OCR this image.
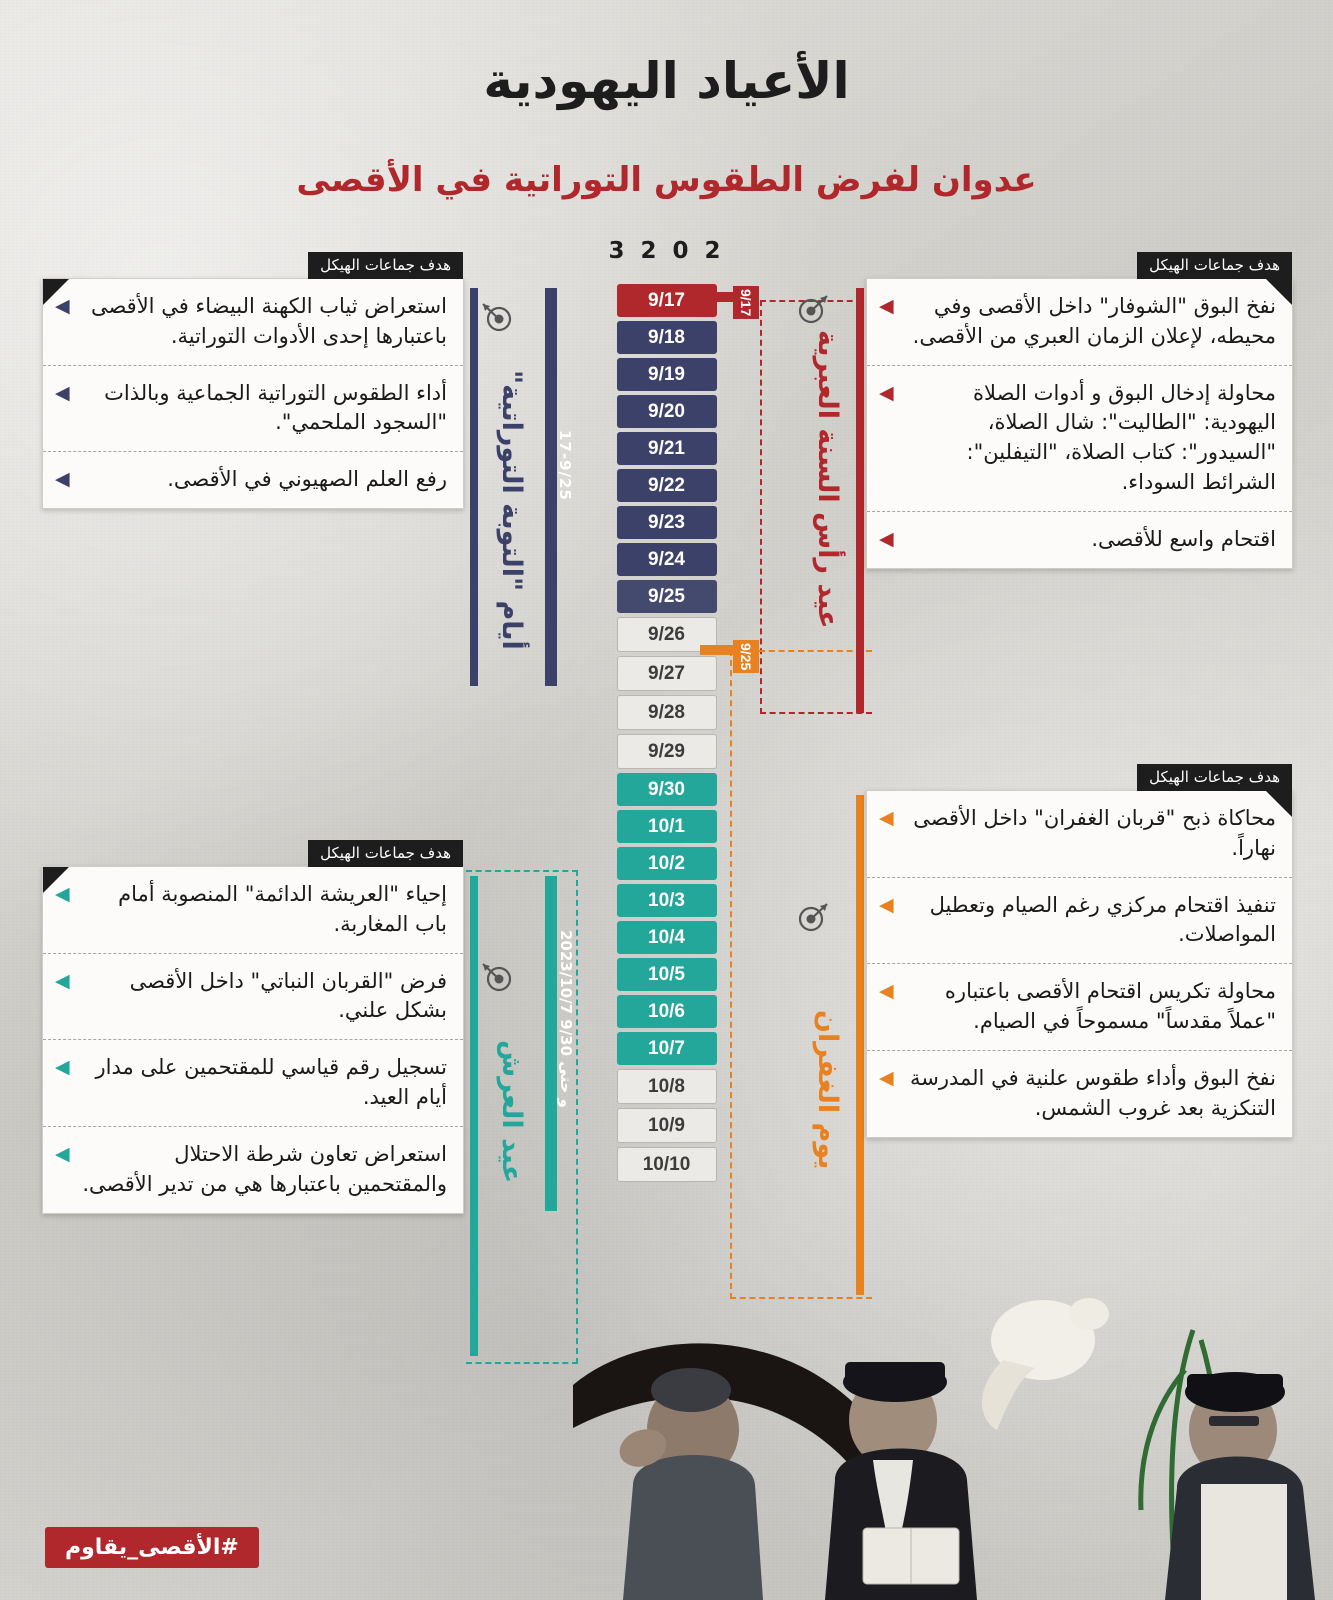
الأعياد اليهودية
عدوان لفرض الطقوس التوراتية في الأقصى
2 0 2 3
9/17
9/18
9/19
9/20
9/21
9/22
9/23
9/24
9/25
9/26
9/27
9/28
9/29
9/30
10/1
10/2
10/3
10/4
10/5
10/6
10/7
10/8
10/9
10/10
9/17
9/25
عيد رأس السنة العبرية
أيام "التوبة التوراتية" 17-9/25
يوم الغفران
عيد العرش
و حتى 9/30 2023/10/7
هدف جماعات الهيكل
◀	نفخ البوق "الشوفار" داخل الأقصى وفي محيطه، لإعلان الزمان العبري من الأقصى.
◀	محاولة إدخال البوق و أدوات الصلاة اليهودية: "الطاليت": شال الصلاة، "السيدور": كتاب الصلاة، "التيفلين": الشرائط السوداء.
◀	اقتحام واسع للأقصى.
هدف جماعات الهيكل
◀	استعراض ثياب الكهنة البيضاء في الأقصى باعتبارها إحدى الأدوات التوراتية.
◀	أداء الطقوس التوراتية الجماعية وبالذات "السجود الملحمي".
◀	رفع العلم الصهيوني في الأقصى.
هدف جماعات الهيكل
◀ محاكاة ذبح "قربان الغفران" داخل الأقصى نهاراً.
◀	تنفيذ اقتحام مركزي رغم الصيام وتعطيل المواصلات.
◀	محاولة تكريس اقتحام الأقصى باعتباره "عملاً مقدساً" مسموحاً في الصيام.
◀ نفخ البوق وأداء طقوس علنية في المدرسة التنكزية بعد غروب الشمس.
هدف جماعات الهيكل
◀	إحياء "العريشة الدائمة" المنصوبة أمام باب المغاربة.
◀	فرض "القربان النباتي" داخل الأقصى بشكل علني.
◀	تسجيل رقم قياسي للمقتحمين على مدار أيام العيد.
◀	استعراض تعاون شرطة الاحتلال والمقتحمين باعتبارها هي من تدير الأقصى.
#الأقصى_يقاوم
